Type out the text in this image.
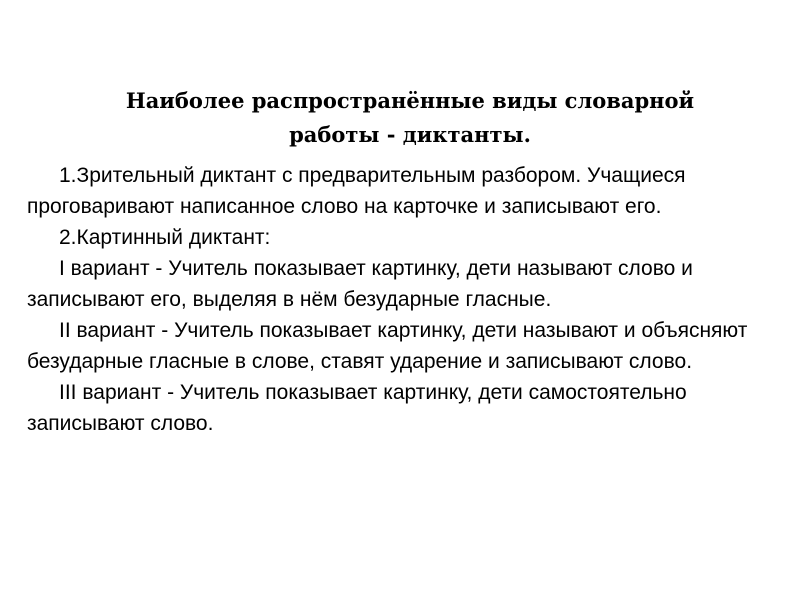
Наиболее распространённые виды словарной
работы - диктанты.

1.Зрительный диктант с предварительным разбором. Учащиеся проговаривают написанное слово на карточке и записывают его.

2.Картинный диктант:

I вариант - Учитель показывает картинку, дети называют слово и записывают его, выделяя в нём безударные гласные.

II вариант - Учитель показывает картинку, дети называют и объясняют безударные гласные в слове, ставят ударение и записывают слово.

III вариант - Учитель показывает картинку, дети самостоятельно записывают слово.
